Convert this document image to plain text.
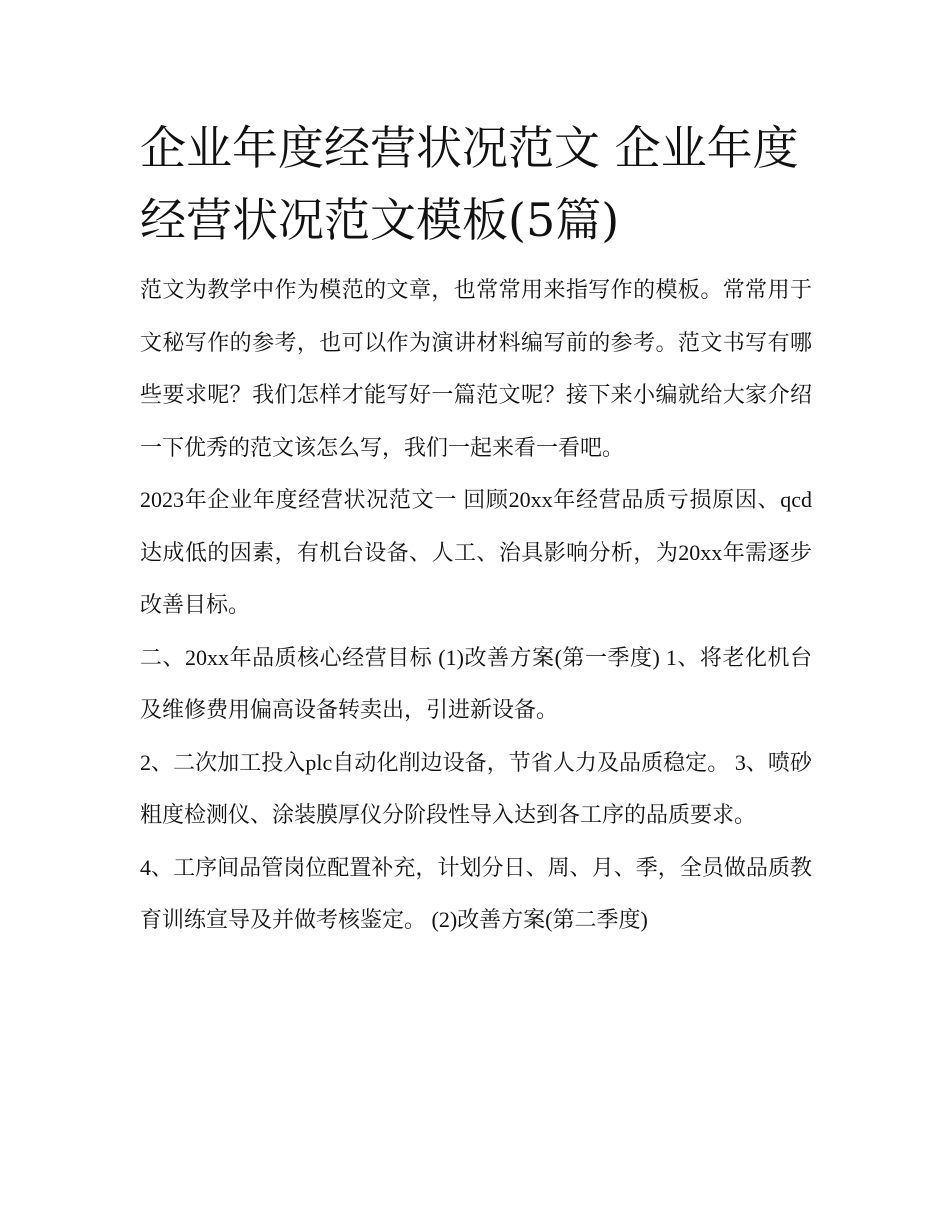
企业年度经营状况范文 企业年度经营状况范文模板(5篇)

范文为教学中作为模范的文章，也常常用来指写作的模板。常常用于文秘写作的参考，也可以作为演讲材料编写前的参考。范文书写有哪些要求呢？我们怎样才能写好一篇范文呢？接下来小编就给大家介绍一下优秀的范文该怎么写，我们一起来看一看吧。

2023年企业年度经营状况范文一 回顾20xx年经营品质亏损原因、qcd达成低的因素，有机台设备、人工、治具影响分析，为20xx年需逐步改善目标。

二、20xx年品质核心经营目标 (1)改善方案(第一季度) 1、将老化机台及维修费用偏高设备转卖出，引进新设备。

2、二次加工投入plc自动化削边设备，节省人力及品质稳定。 3、喷砂粗度检测仪、涂装膜厚仪分阶段性导入达到各工序的品质要求。

4、工序间品管岗位配置补充，计划分日、周、月、季，全员做品质教育训练宣导及并做考核鉴定。 (2)改善方案(第二季度)
